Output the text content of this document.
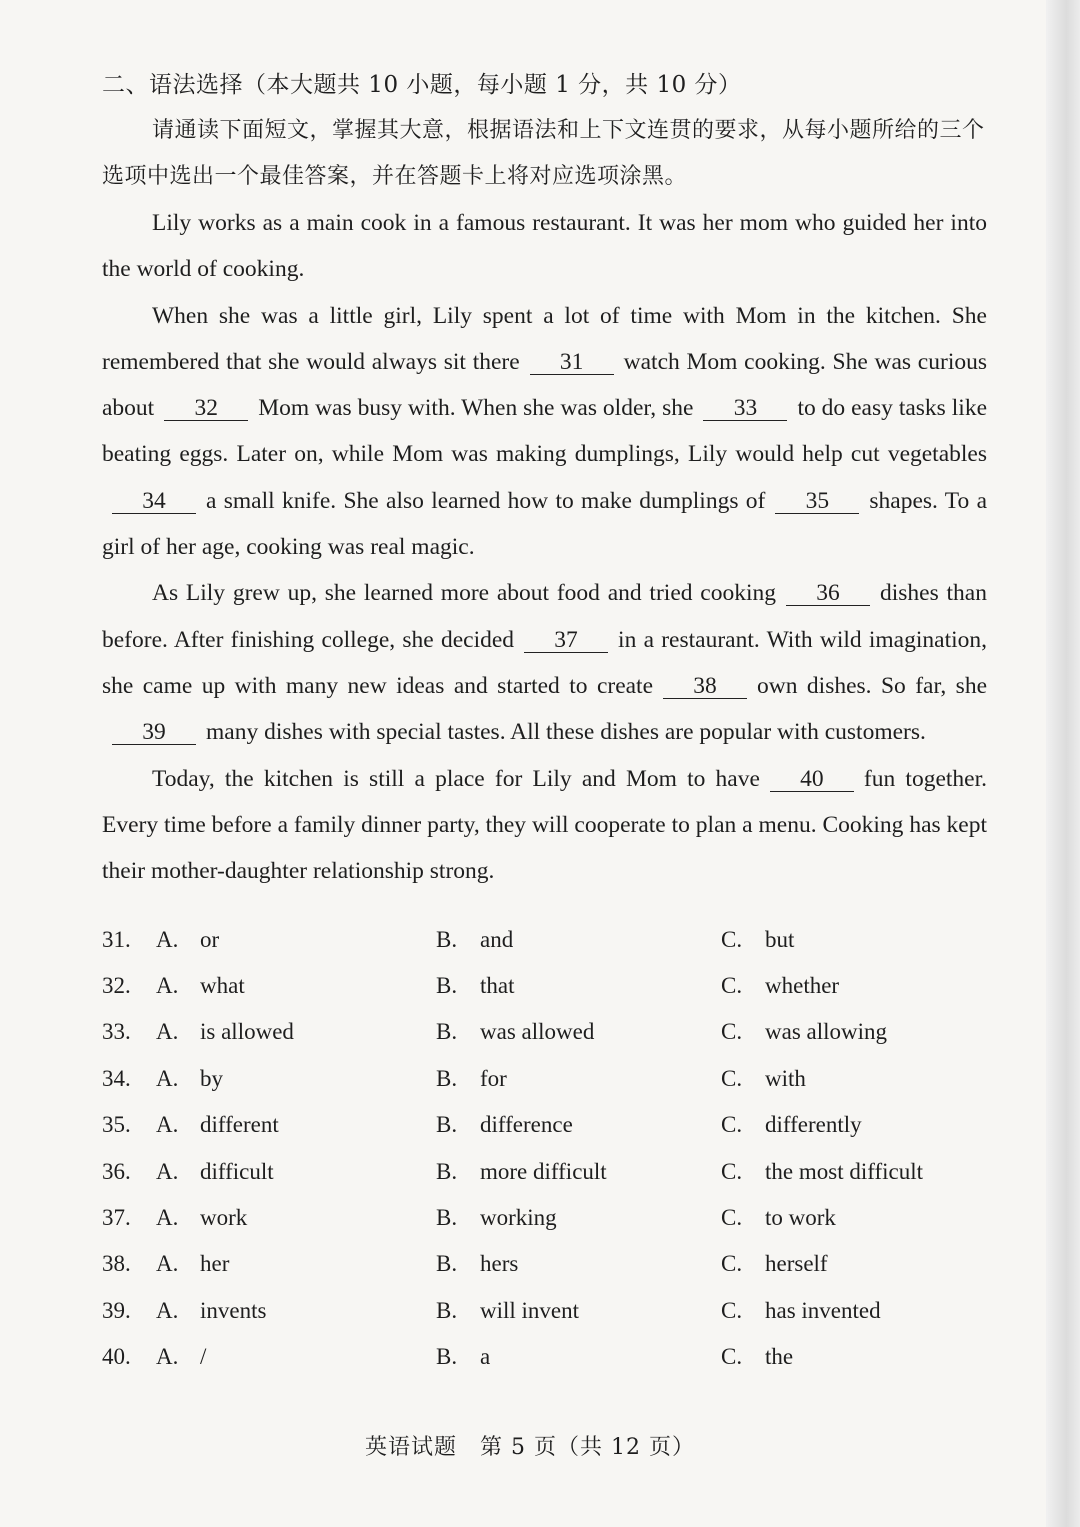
二、语法选择（本大题共 10 小题，每小题 1 分，共 10 分）

请通读下面短文，掌握其大意，根据语法和上下文连贯的要求，从每小题所给的三个选项中选出一个最佳答案，并在答题卡上将对应选项涂黑。

Lily works as a main cook in a famous restaurant. It was her mom who guided her into the world of cooking.

When she was a little girl, Lily spent a lot of time with Mom in the kitchen. She remembered that she would always sit there 31 watch Mom cooking. She was curious about 32 Mom was busy with. When she was older, she 33 to do easy tasks like beating eggs. Later on, while Mom was making dumplings, Lily would help cut vegetables34 a small knife. She also learned how to make dumplings of 35 shapes. To a girl of her age, cooking was real magic.

As Lily grew up, she learned more about food and tried cooking 36 dishes than before. After finishing college, she decided 37 in a restaurant. With wild imagination, she came up with many new ideas and started to create 38 own dishes. So far, she39 many dishes with special tastes. All these dishes are popular with customers.

Today, the kitchen is still a place for Lily and Mom to have 40 fun together. Every time before a family dinner party, they will cooperate to plan a menu. Cooking has kept their mother-daughter relationship strong.

31.	A. or	B. and	C. but
32.	A. what	B. that	C. whether
33.	A. is allowed	B. was allowed	C. was allowing
34.	A. by	B. for	C. with
35.	A. different	B. difference	C. differently
36.	A. difficult	B. more difficult	C. the most difficult
37.	A. work	B. working	C. to work
38.	A. her	B. hers	C. herself
39.	A. invents	B. will invent	C. has invented
40.	A. /	B. a	C. the
英语试题　第 5 页（共 12 页）
